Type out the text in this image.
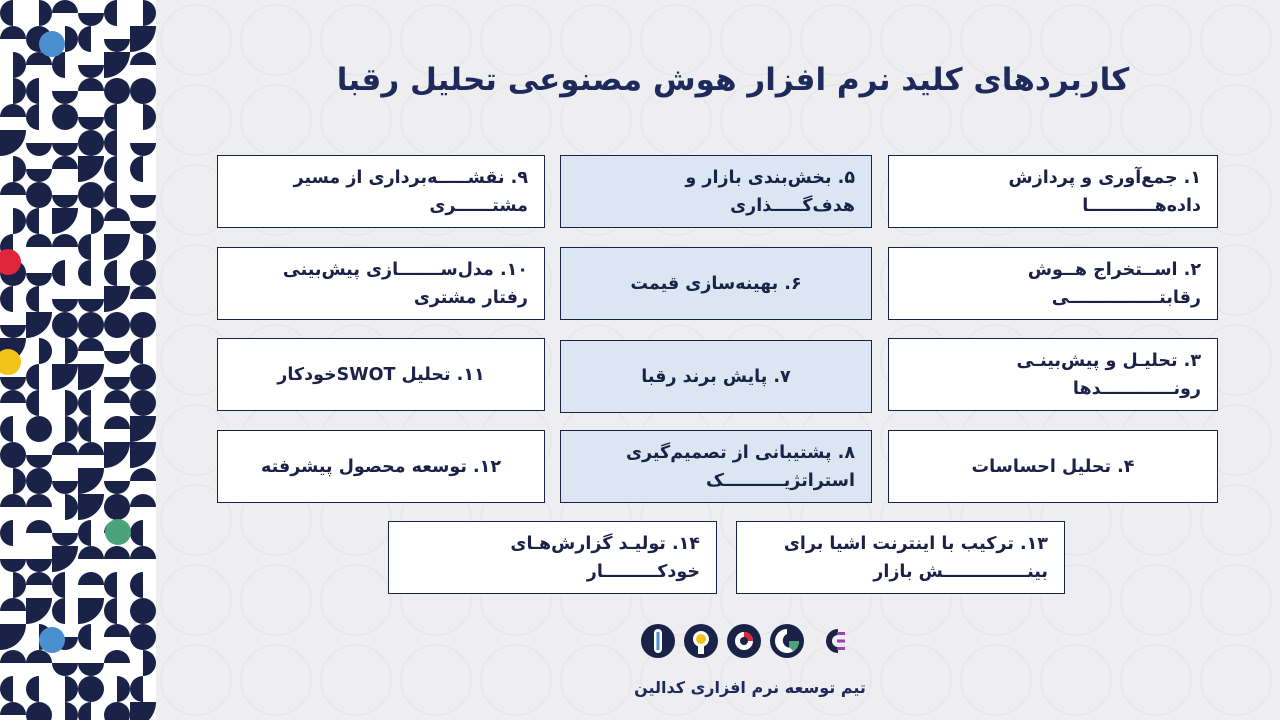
کاربردهای کلید نرم افزار هوش مصنوعی تحلیل رقبا
۱. جمع‌آوری و پردازش داده‌هـــــــــــا
۲. اســتخراج هــوش رقابتـــــــــــــــی
۳. تحلیـل و پیش‌بینـی رونــــــــــــدها
۴. تحلیل احساسات
۵. بخش‌بندی بازار و هدف‌گـــــذاری
۶. بهینه‌سازی قیمت
۷. پایش برند رقبا
۸. پشتیبانی از تصمیم‌گیری استراتژیــــــــــک
۹. نقشـــــه‌برداری از مسیر مشتــــــری
۱۰. مدل‌ســـــــازی پیش‌بینی رفتار مشتری
۱۱. تحلیل SWOTخودکار
۱۲. توسعه محصول پیشرفته
۱۳. ترکیب با اینترنت اشیا برای بینــــــــــــــش بازار
۱۴. تولیـد گزارش‌هـای خودکـــــــــار
تیم توسعه نرم افزاری کدالین
